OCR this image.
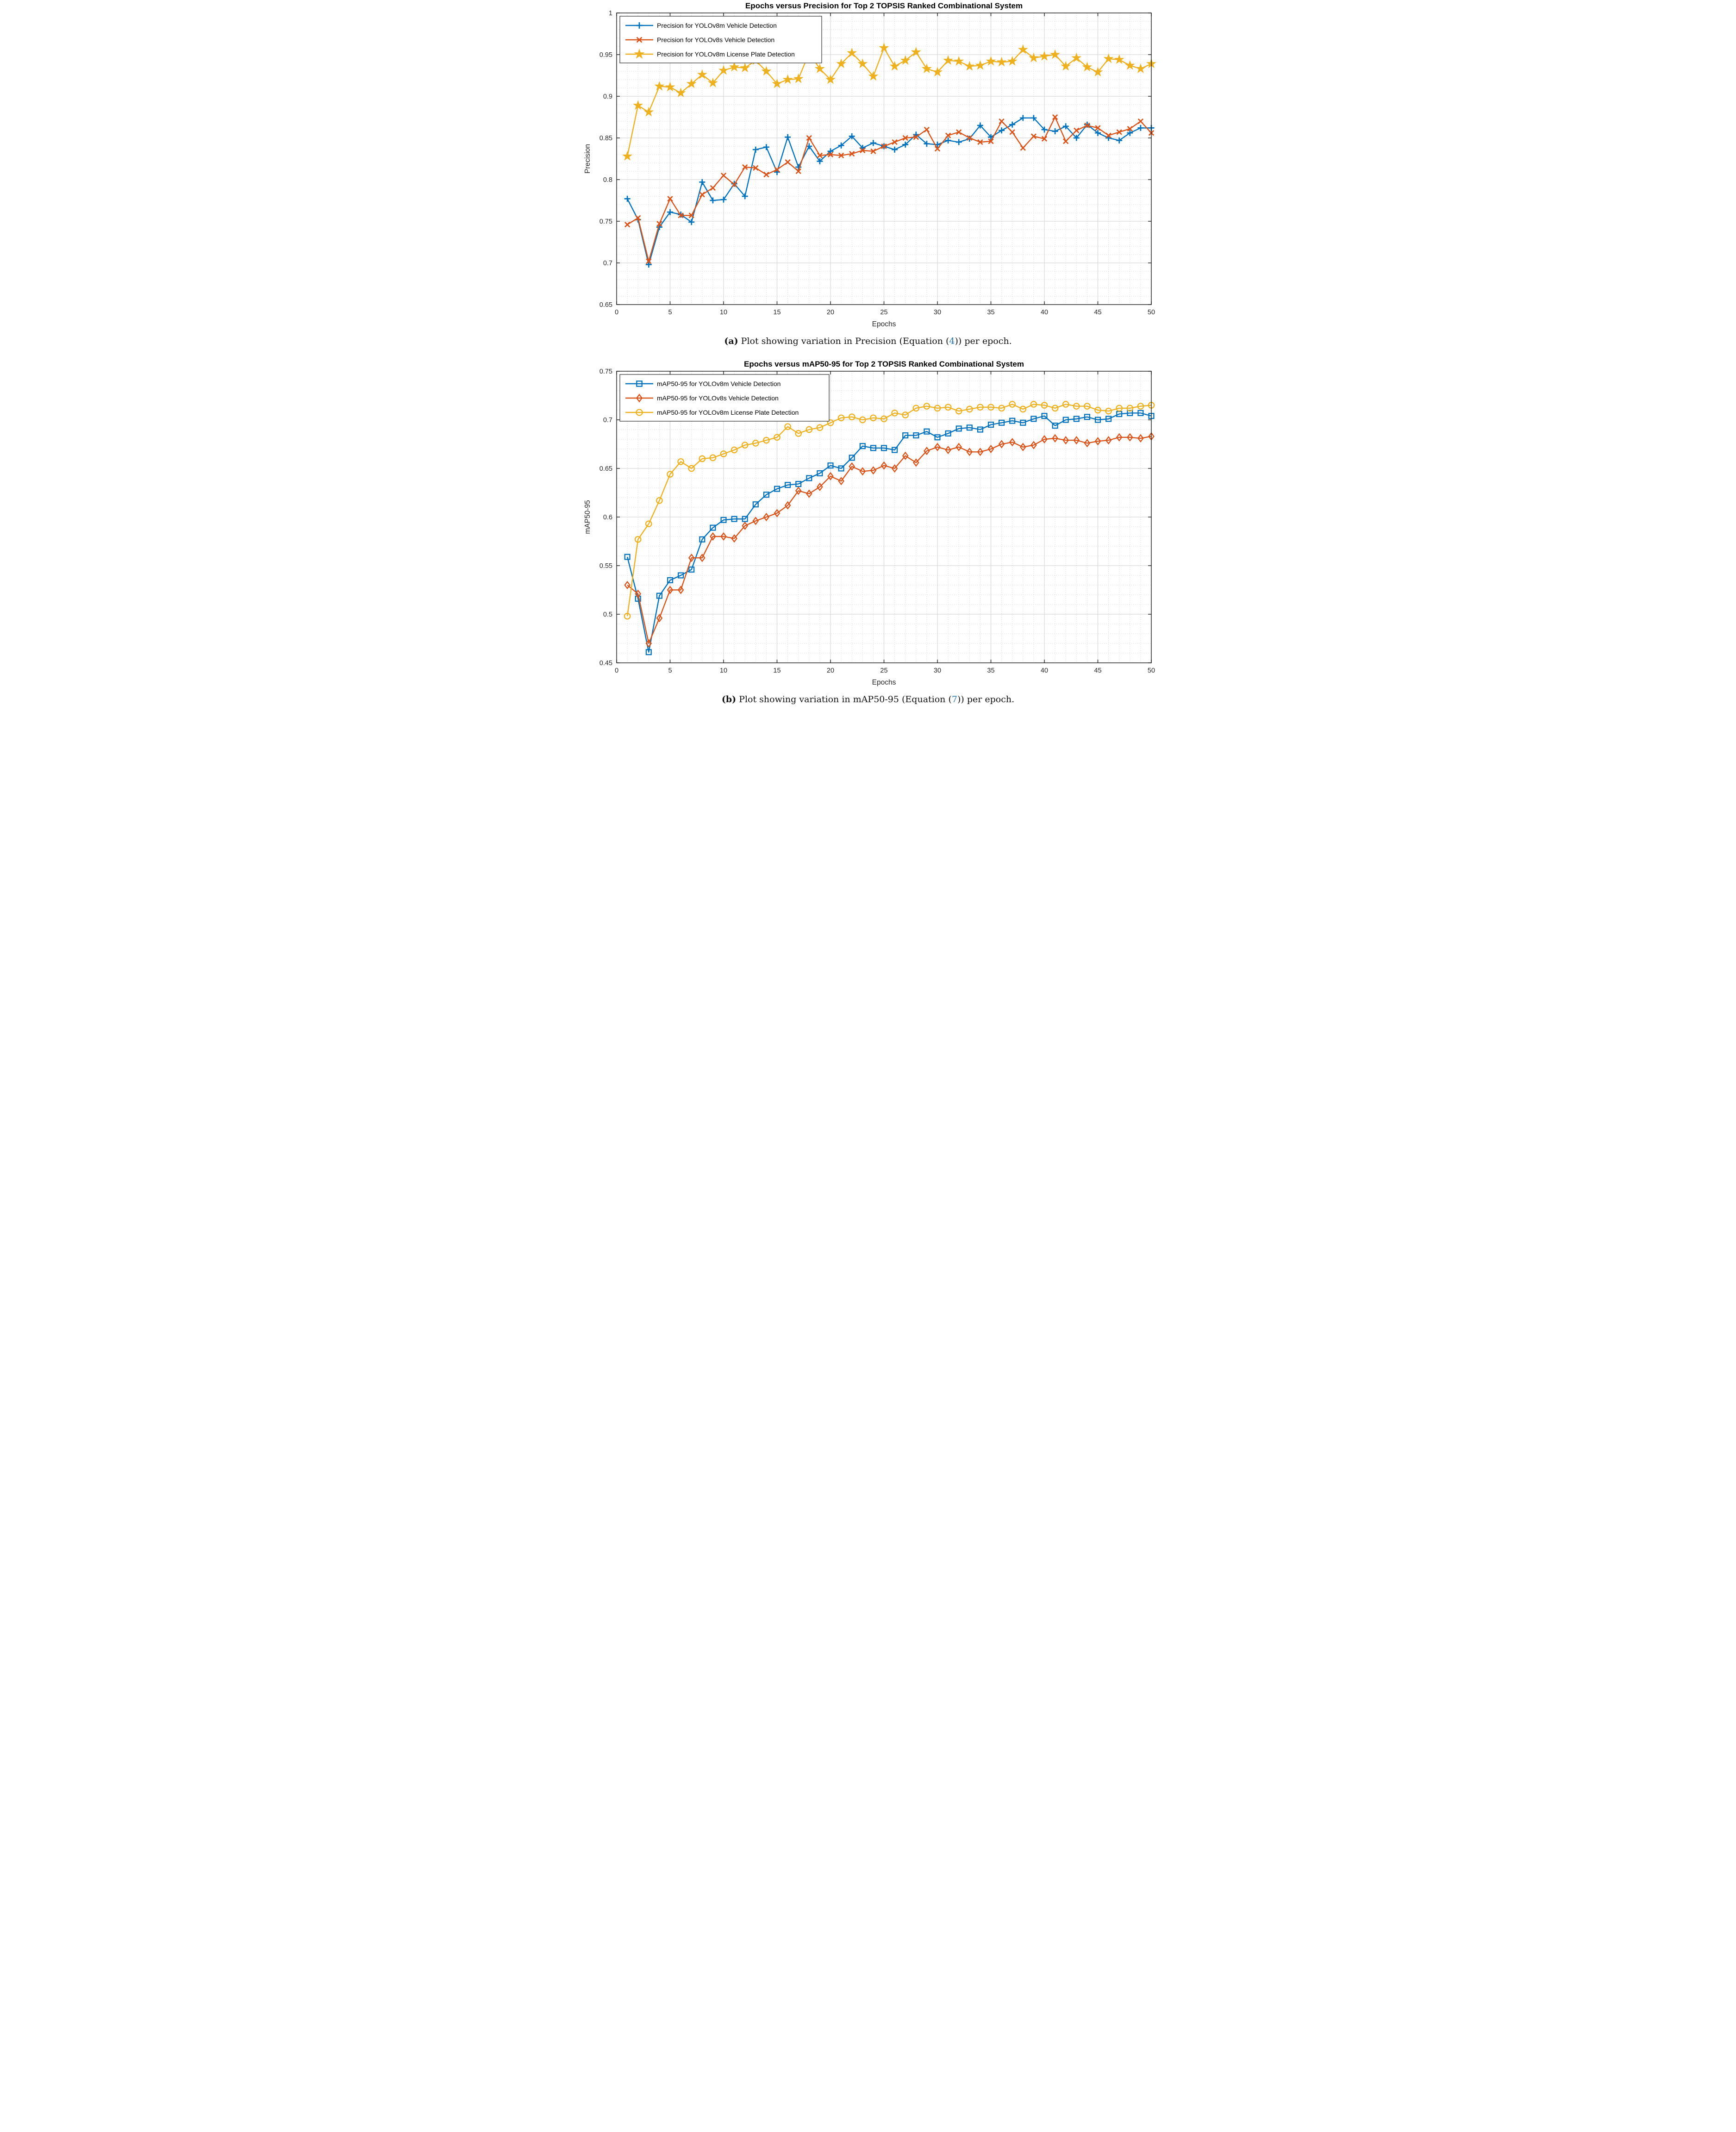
0	5	10	15	20	25	30	35	40	45	50
0.65
0.7
0.75
0.8
0.85
0.9
0.95
1
Epochs versus Precision for Top 2 TOPSIS Ranked Combinational System
Epochs
Precision
Precision for YOLOv8m Vehicle Detection
Precision for YOLOv8s Vehicle Detection
Precision for YOLOv8m License Plate Detection

(a) Plot showing variation in Precision (Equation (4)) per epoch.

0	5	10	15	20	25	30	35	40	45	50
0.45
0.5
0.55
0.6
0.65
0.7
0.75
Epochs versus mAP50-95 for Top 2 TOPSIS Ranked Combinational System
Epochs
mAP50-95
mAP50-95 for YOLOv8m Vehicle Detection
mAP50-95 for YOLOv8s Vehicle Detection
mAP50-95 for YOLOv8m License Plate Detection

(b) Plot showing variation in mAP50-95 (Equation (7)) per epoch.
